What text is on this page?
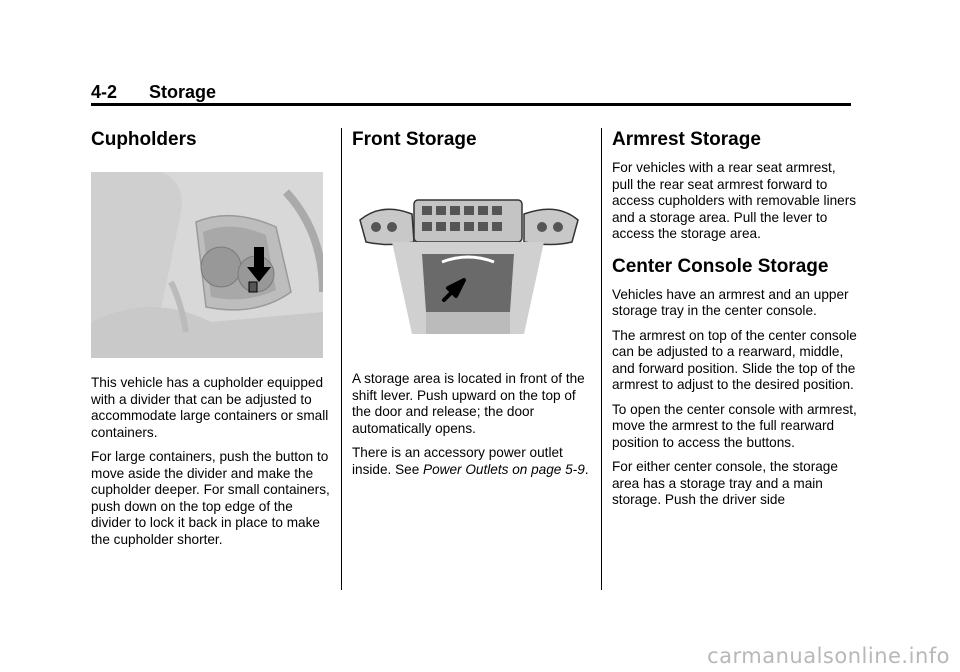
4-2 Storage
Cupholders

This vehicle has a cupholder equipped with a divider that can be adjusted to accommodate large containers or small containers.

For large containers, push the button to move aside the divider and make the cupholder deeper. For small containers, push down on the top edge of the divider to lock it back in place to make the cupholder shorter.

Front Storage

A storage area is located in front of the shift lever. Push upward on the top of the door and release; the door automatically opens.

There is an accessory power outlet inside. See Power Outlets on page 5-9.

Armrest Storage

For vehicles with a rear seat armrest, pull the rear seat armrest forward to access cupholders with removable liners and a storage area. Pull the lever to access the storage area.

Center Console Storage

Vehicles have an armrest and an upper storage tray in the center console.

The armrest on top of the center console can be adjusted to a rearward, middle, and forward position. Slide the top of the armrest to adjust to the desired position.

To open the center console with armrest, move the armrest to the full rearward position to access the buttons.

For either center console, the storage area has a storage tray and a main storage. Push the driver side

carmanualsonline.info
